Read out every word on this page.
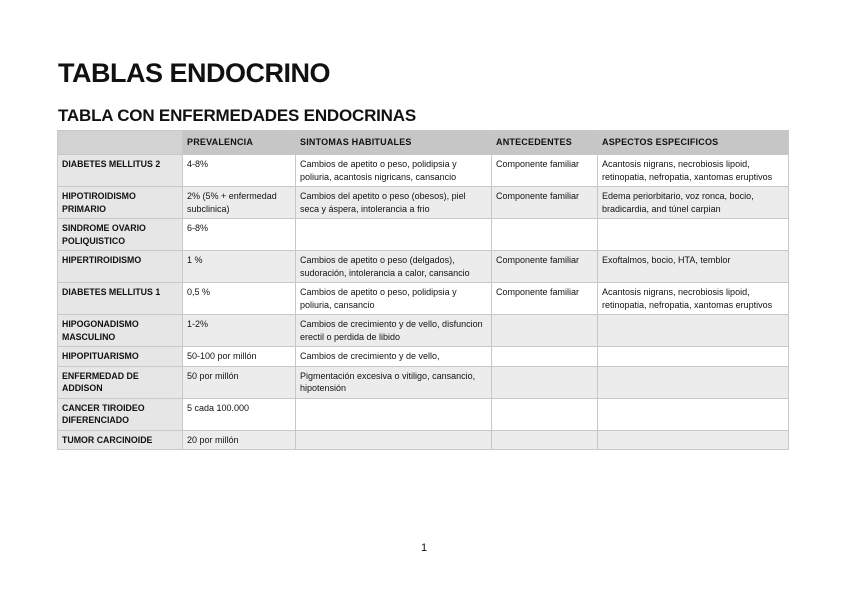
TABLAS ENDOCRINO
TABLA CON ENFERMEDADES ENDOCRINAS
	PREVALENCIA	SINTOMAS HABITUALES	ANTECEDENTES	ASPECTOS ESPECIFICOS
DIABETES MELLITUS 2	4-8%	Cambios de apetito o peso, polidipsia y poliuria, acantosis nigricans, cansancio	Componente familiar	Acantosis nigrans, necrobiosis lipoid, retinopatia, nefropatia, xantomas eruptivos
HIPOTIROIDISMO PRIMARIO	2% (5% + enfermedad subclinica)	Cambios del apetito o peso (obesos), piel seca y áspera, intolerancia a frio	Componente familiar	Edema periorbitario, voz ronca, bocio, bradicardia, and túnel carpian
SINDROME OVARIO POLIQUISTICO	6-8%			
HIPERTIROIDISMO	1 %	Cambios de apetito o peso (delgados), sudoración, intolerancia a calor, cansancio	Componente familiar	Exoftalmos, bocio, HTA, temblor
DIABETES MELLITUS 1	0,5 %	Cambios de apetito o peso, polidipsia y poliuria, cansancio	Componente familiar	Acantosis nigrans, necrobiosis lipoid, retinopatia, nefropatia, xantomas eruptivos
HIPOGONADISMO MASCULINO	1-2%	Cambios de crecimiento y de vello, disfuncion erectil o perdida de libido		
HIPOPITUARISMO	50-100 por millón	Cambios de crecimiento y de vello,		
ENFERMEDAD DE ADDISON	50 por millón	Pigmentación excesiva o vitiligo, cansancio, hipotensión		
CANCER TIROIDEO DIFERENCIADO	5 cada 100.000			
TUMOR CARCINOIDE	20 por millón			
1
